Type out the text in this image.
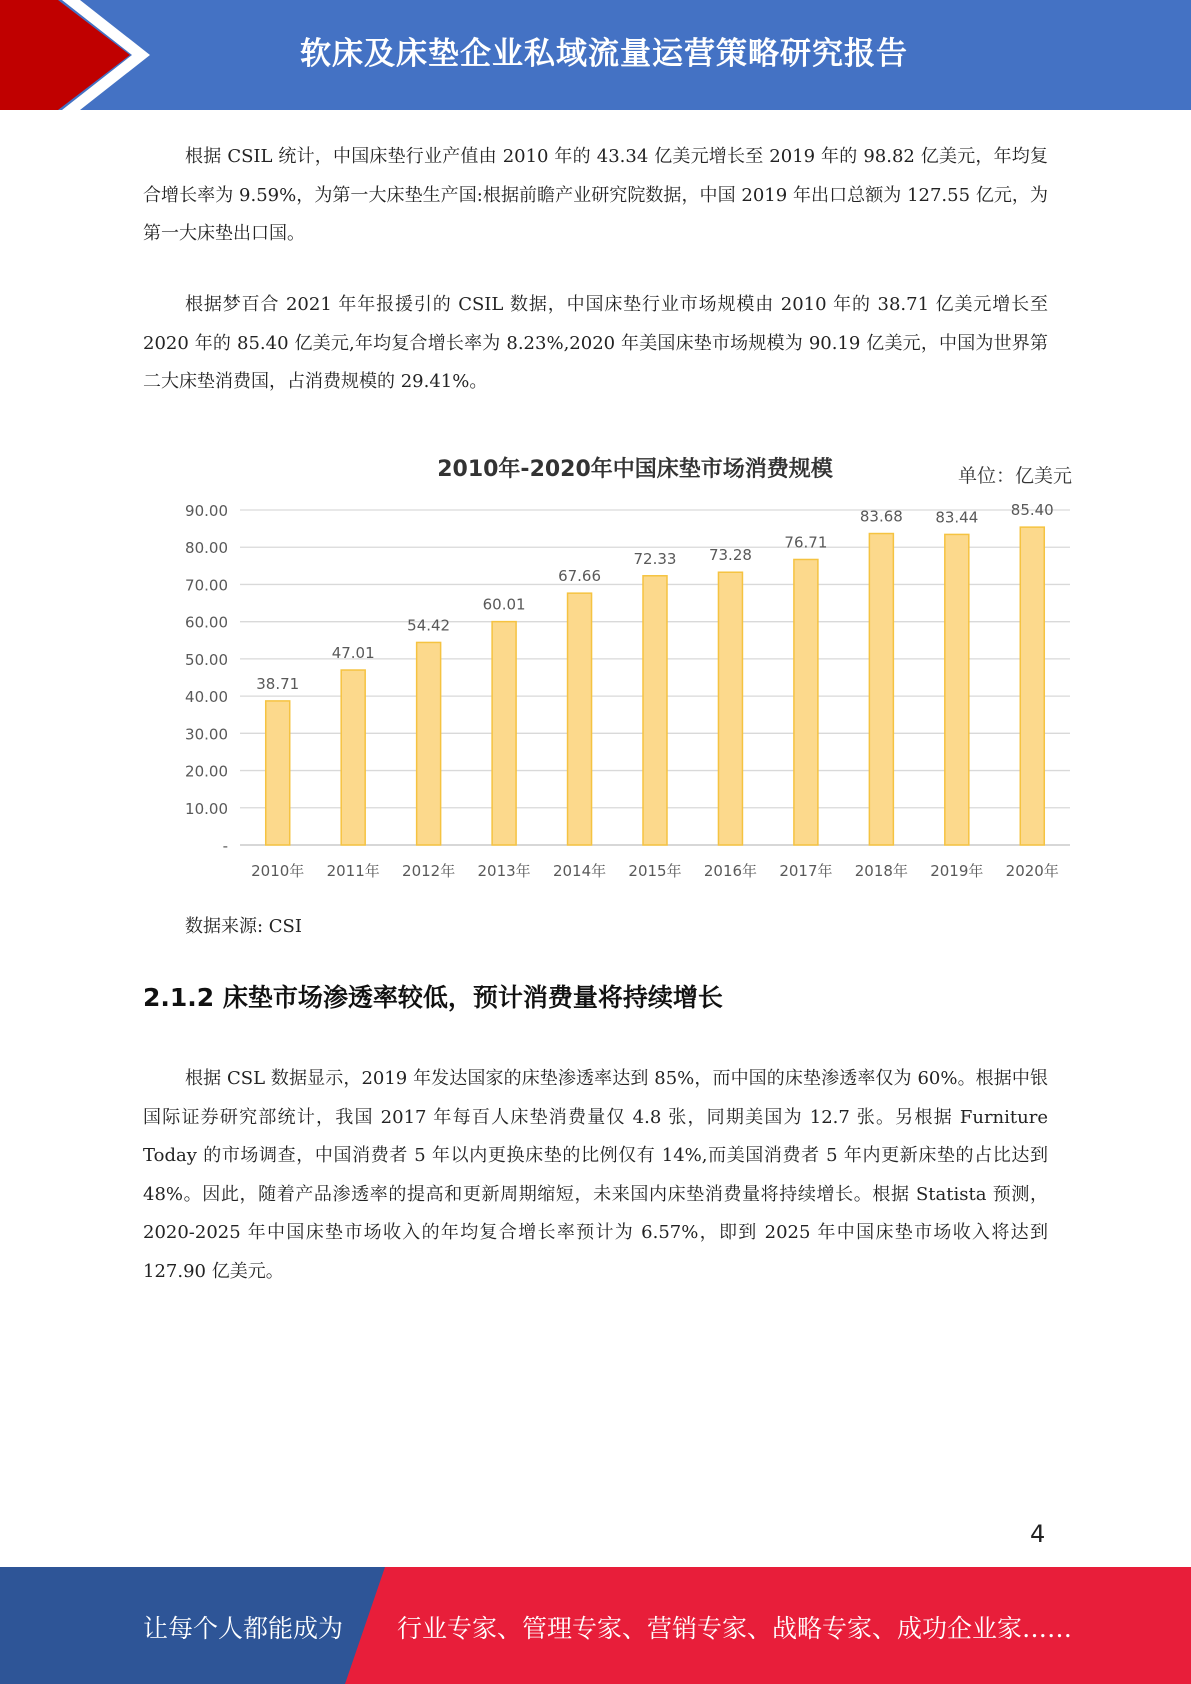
软床及床垫企业私域流量运营策略研究报告

根据 CSIL 统计，中国床垫行业产值由 2010 年的 43.34 亿美元增长至 2019 年的 98.82 亿美元，年均复合增长率为 9.59%，为第一大床垫生产国:根据前瞻产业研究院数据，中国 2019 年出口总额为 127.55 亿元，为第一大床垫出口国。

根据梦百合 2021 年年报援引的 CSIL 数据，中国床垫行业市场规模由 2010 年的 38.71 亿美元增长至 2020 年的 85.40 亿美元,年均复合增长率为 8.23%,2020 年美国床垫市场规模为 90.19 亿美元，中国为世界第二大床垫消费国，占消费规模的 29.41%。

2010年-2020年中国床垫市场消费规模	单位：亿美元
-
10.00
20.00
30.00
40.00
50.00
60.00
70.00
80.00
90.00
38.71
2010年
47.01
2011年
54.42
2012年
60.01
2013年
67.66
2014年
72.33
2015年
73.28
2016年
76.71
2017年
83.68
2018年
83.44
2019年
85.40
2020年

数据来源: CSI

2.1.2 床垫市场渗透率较低，预计消费量将持续增长

根据 CSL 数据显示，2019 年发达国家的床垫渗透率达到 85%，而中国的床垫渗透率仅为 60%。根据中银国际证券研究部统计，我国 2017 年每百人床垫消费量仅 4.8 张，同期美国为 12.7 张。另根据 Furniture Today 的市场调查，中国消费者 5 年以内更换床垫的比例仅有 14%,而美国消费者 5 年内更新床垫的占比达到 48%。因此，随着产品渗透率的提高和更新周期缩短，未来国内床垫消费量将持续增长。根据 Statista 预测，2020-2025 年中国床垫市场收入的年均复合增长率预计为 6.57%，即到 2025 年中国床垫市场收入将达到 127.90 亿美元。

4
让每个人都能成为 行业专家、管理专家、营销专家、战略专家、成功企业家……
